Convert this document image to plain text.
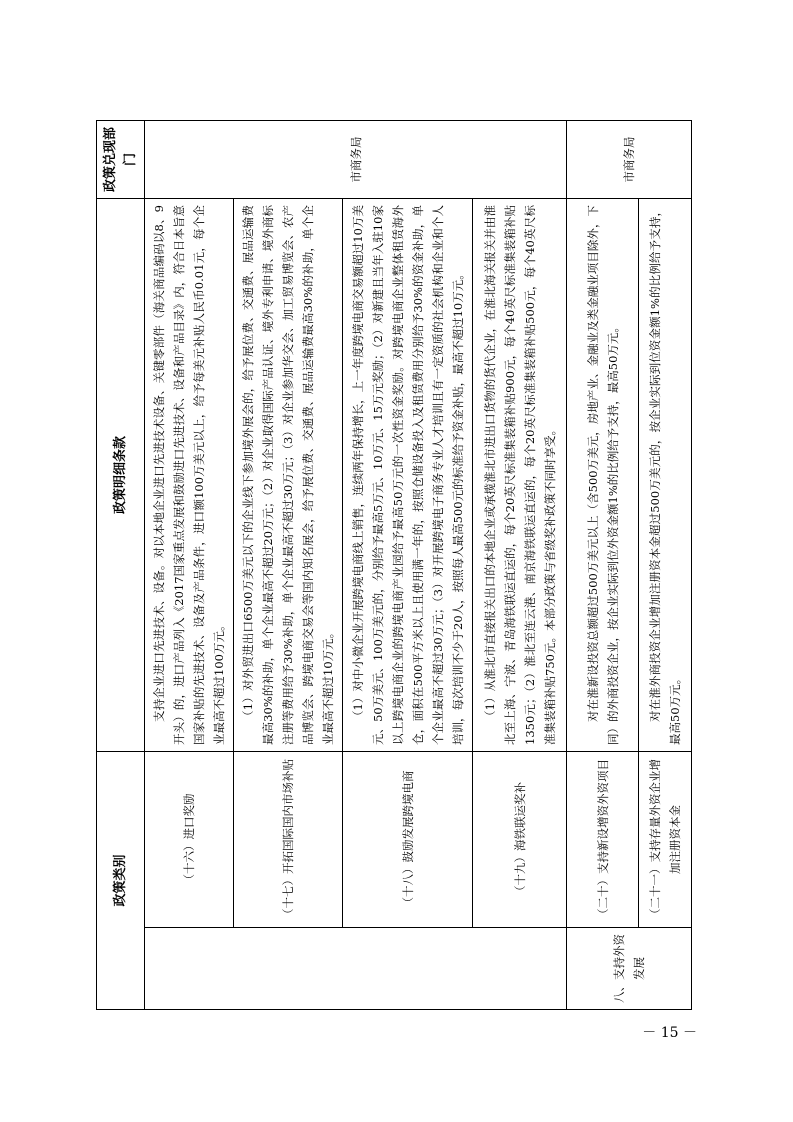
政策类别		政策明细条款	政策兑现部门
	（十六）进口奖励	支持企业进口先进技术、设备。对以本地企业进口先进技术设备、关键零部件（海关商品编码以8、9开头）的，进口产品列入《2017国家重点发展和鼓励进口先进技术、设备和产品目录》内，符合日本旨意国家补贴的先进技术、设备及产品条件，进口额100万美元以上，给予每美元补贴人民币0.01元，每个企业最高不超过100万元。	市商务局
	（十七）开拓国际国内市场补贴	（1）对外贸进出口6500万美元以下的企业线下参加境外展会的，给予展位费、交通费、展品运输费最高30%的补助，单个企业最高不超过20万元；（2）对企业取得国际产品认证、境外专利申请、境外商标注册等费用给予30%补助，单个企业最高不超过30万元；（3）对企业参加华交会、加工贸易博览会、农产品博览会、跨境电商交易会等国内知名展会，给予展位费、交通费、展品运输费最高30%的补助，单个企业最高不超过10万元。	

	（十八）鼓励发展跨境电商	（1）对中小微企业开展跨境电商线上销售，连续两年保持增长，上一年度跨境电商交易额超过10万美元、50万美元、100万美元的，分别给予最高5万元、10万元、15万元奖励；（2）对新建且当年入驻10家以上跨境电商企业的跨境电商产业园给予最高50万元的一次性资金奖励。对跨境电商企业整体租赁海外仓，面积在500平方米以上且使用满一年的，按照仓储设备投入及租赁费用分别给予30%的资金补助，单个企业最高不超过30万元；（3）对开展跨境电子商务专业人才培训且有一定资质的社会机构和企业和个人培训，每次培训不少于20人，按照每人最高500元的标准给予资金补贴，最高不超过10万元。	

	（十九）海铁联运奖补	（1）从淮北市直接报关出口的本地企业或承揽淮北市进出口货物的货代企业，在淮北海关报关并由淮北至上海、宁波、青岛海铁联运直运的，每个20英尺标准集装箱补贴900元，每个40英尺标准集装箱补贴1350元；（2）淮北至连云港、南京海铁联运直运的，每个20英尺标准集装箱补贴500元，每个40英尺标准集装箱补贴750元。本部分政策与省级奖补政策不同时享受。	

八、支持外资发展	（二十）支持新设增资外资项目	对在淮新设投资总额超过500万美元以上（含500万美元，房地产业、金融业及类金融业项目除外，下同）的外商投资企业，按企业实际到位外资金额1%的比例给予支持，最高50万元。	市商务局
	（二十一）支持存量外资企业增加注册资本金	对在淮外商投资企业增加注册资本金超过500万美元的，按企业实际到位资金额1%的比例给予支持，最高50万元。	

－ 15 －
